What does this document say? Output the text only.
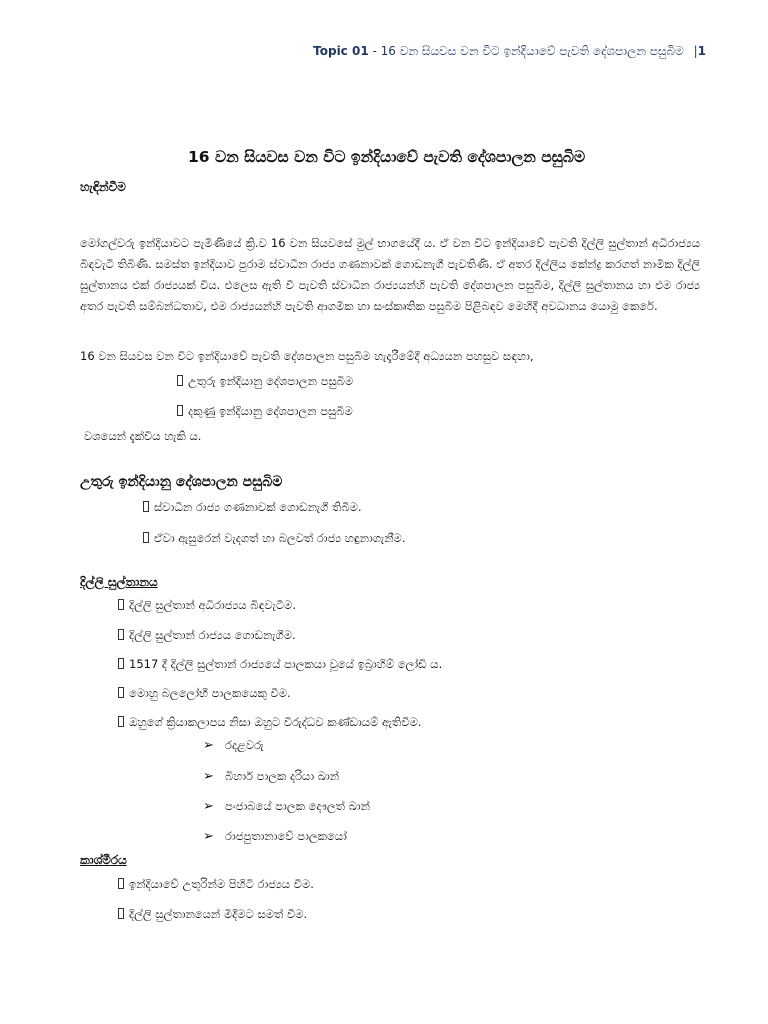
Topic 01 - 16 වන සියවස වන විට ඉන්දියාවේ පැවති දේශපාලන පසුබිම |1
16 වන සියවස වන විට ඉන්දියාවේ පැවති දේශපාලන පසුබිම
හැඳින්වීම
මෝගල්වරු ඉන්දියාවට පැමිණියේ ක්‍රි.ව 16 වන සියවසේ මුල් භාගයේදී ය. ඒ වන විට ඉන්දියාවේ පැවති දිල්ලි සුල්තාන් අධිරාජ්‍යය බිඳවැටී තිබිණි. සමස්ත ඉන්දියාව පුරාම ස්වාධීන රාජ්‍ය ගණනාවක් ගොඩනැගී පැවතිණි. ඒ අතර දිල්ලිය කේන්ද්‍ර කරගත් නාමික දිල්ලි සුල්තානය එක් රාජ්‍යයක් විය. එලෙස ඇති වී පැවති ස්වාධීන රාජ්‍යයන්හි පැවති දේශපාලන පසුබිම, දිල්ලි සුල්තානය හා එම රාජ්‍ය අතර පැවති සම්බන්ධතාව, එම රාජ්‍යයන්හි පැවති ආගමික හා සංස්කෘතික පසුබිම පිළිබඳව මෙහිදී අවධානය යොමු කෙරේ.
16 වන සියවස වන විට ඉන්දියාවේ පැවති දේශපාලන පසුබිම හැදෑරීමේදී අධ්‍යයන පහසුව සඳහා,
උතුරු ඉන්දියානු දේශපාලන පසුබිම
දකුණු ඉන්දියානු දේශපාලන පසුබිම
වශයෙන් දැක්විය හැකි ය.
උතුරු ඉන්දියානු දේශපාලන පසුබිම
ස්වාධීන රාජ්‍ය ගණනාවක් ගොඩනැගී තිබීම.
ඒවා ඇසුරෙන් වැදගත් හා බලවත් රාජ්‍ය හඳුනාගැනීම.
දිල්ලි සුල්තානය
දිල්ලි සුල්තාන් අධිරාජ්‍යය බිඳවැටීම.
දිල්ලි සුල්තාන් රාජ්‍යය ගොඩනැගීම.
1517 දී දිල්ලි සුල්තාන් රාජ්‍යයේ පාලකයා වූයේ ඉබ්‍රාහිම් ලෝඩි ය.
මොහු බලලෝභී පාලකයෙකු වීම.
ඔහුගේ ක්‍රියාකලාපය නිසා ඔහුට විරුද්ධව කණ්ඩායම් ඇතිවීම.
➢ රදළවරු
➢ බිහාර් පාලක දරියා ඛාන්
➢ පංජාබයේ පාලක දෞලත් ඛාන්
➢ රාජපුතානාවේ පාලකයෝ
කාශ්මීරය
ඉන්දියාවේ උතුරින්ම පිහිටි රාජ්‍යය වීම.
දිල්ලි සුල්තානයෙන් මිදීමට සමත් වීම.
